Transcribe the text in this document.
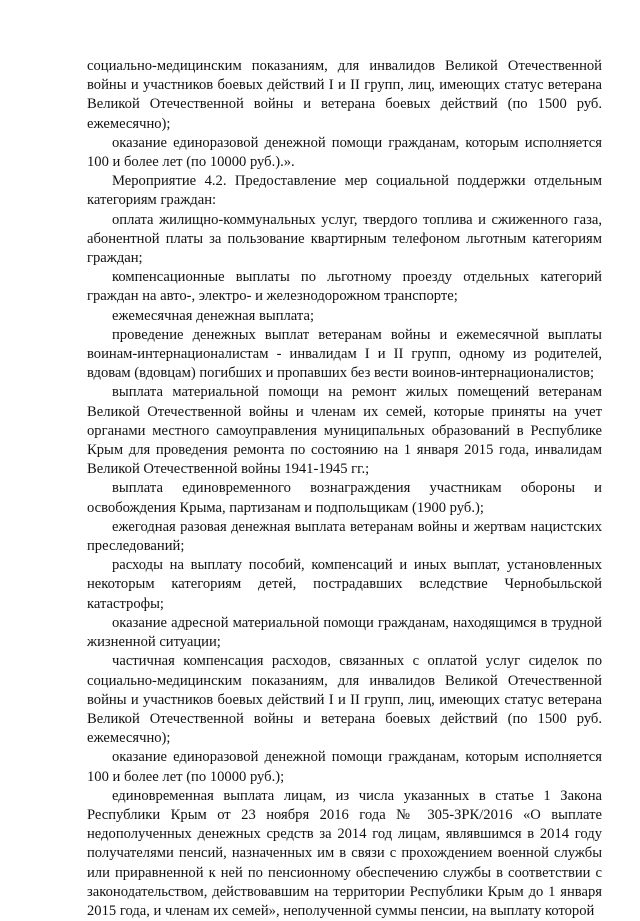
социально-медицинским показаниям, для инвалидов Великой Отечественной войны и участников боевых действий I и II групп, лиц, имеющих статус ветерана Великой Отечественной войны и ветерана боевых действий (по 1500 руб. ежемесячно);

оказание единоразовой денежной помощи гражданам, которым исполняется 100 и более лет (по 10000 руб.).».

Мероприятие 4.2. Предоставление мер социальной поддержки отдельным категориям граждан:

оплата жилищно-коммунальных услуг, твердого топлива и сжиженного газа, абонентной платы за пользование квартирным телефоном льготным категориям граждан;

компенсационные выплаты по льготному проезду отдельных категорий граждан на авто-, электро- и железнодорожном транспорте;

ежемесячная денежная выплата;

проведение денежных выплат ветеранам войны и ежемесячной выплаты воинам-интернационалистам - инвалидам I и II групп, одному из родителей, вдовам (вдовцам) погибших и пропавших без вести воинов-интернационалистов;

выплата материальной помощи на ремонт жилых помещений ветеранам Великой Отечественной войны и членам их семей, которые приняты на учет органами местного самоуправления муниципальных образований в Республике Крым для проведения ремонта по состоянию на 1 января 2015 года, инвалидам Великой Отечественной войны 1941-1945 гг.;

выплата единовременного вознаграждения участникам обороны и освобождения Крыма, партизанам и подпольщикам (1900 руб.);

ежегодная разовая денежная выплата ветеранам войны и жертвам нацистских преследований;

расходы на выплату пособий, компенсаций и иных выплат, установленных некоторым категориям детей, пострадавших вследствие Чернобыльской катастрофы;

оказание адресной материальной помощи гражданам, находящимся в трудной жизненной ситуации;

частичная компенсация расходов, связанных с оплатой услуг сиделок по социально-медицинским показаниям, для инвалидов Великой Отечественной войны и участников боевых действий I и II групп, лиц, имеющих статус ветерана Великой Отечественной войны и ветерана боевых действий (по 1500 руб. ежемесячно);

оказание единоразовой денежной помощи гражданам, которым исполняется 100 и более лет (по 10000 руб.);

единовременная выплата лицам, из числа указанных в статье 1 Закона Республики Крым от 23 ноября 2016 года № 305-ЗРК/2016 «О выплате недополученных денежных средств за 2014 год лицам, являвшимся в 2014 году получателями пенсий, назначенных им в связи с прохождением военной службы или приравненной к ней по пенсионному обеспечению службы в соответствии с законодательством, действовавшим на территории Республики Крым до 1 января 2015 года, и членам их семей», неполученной суммы пенсии, на выплату которой
